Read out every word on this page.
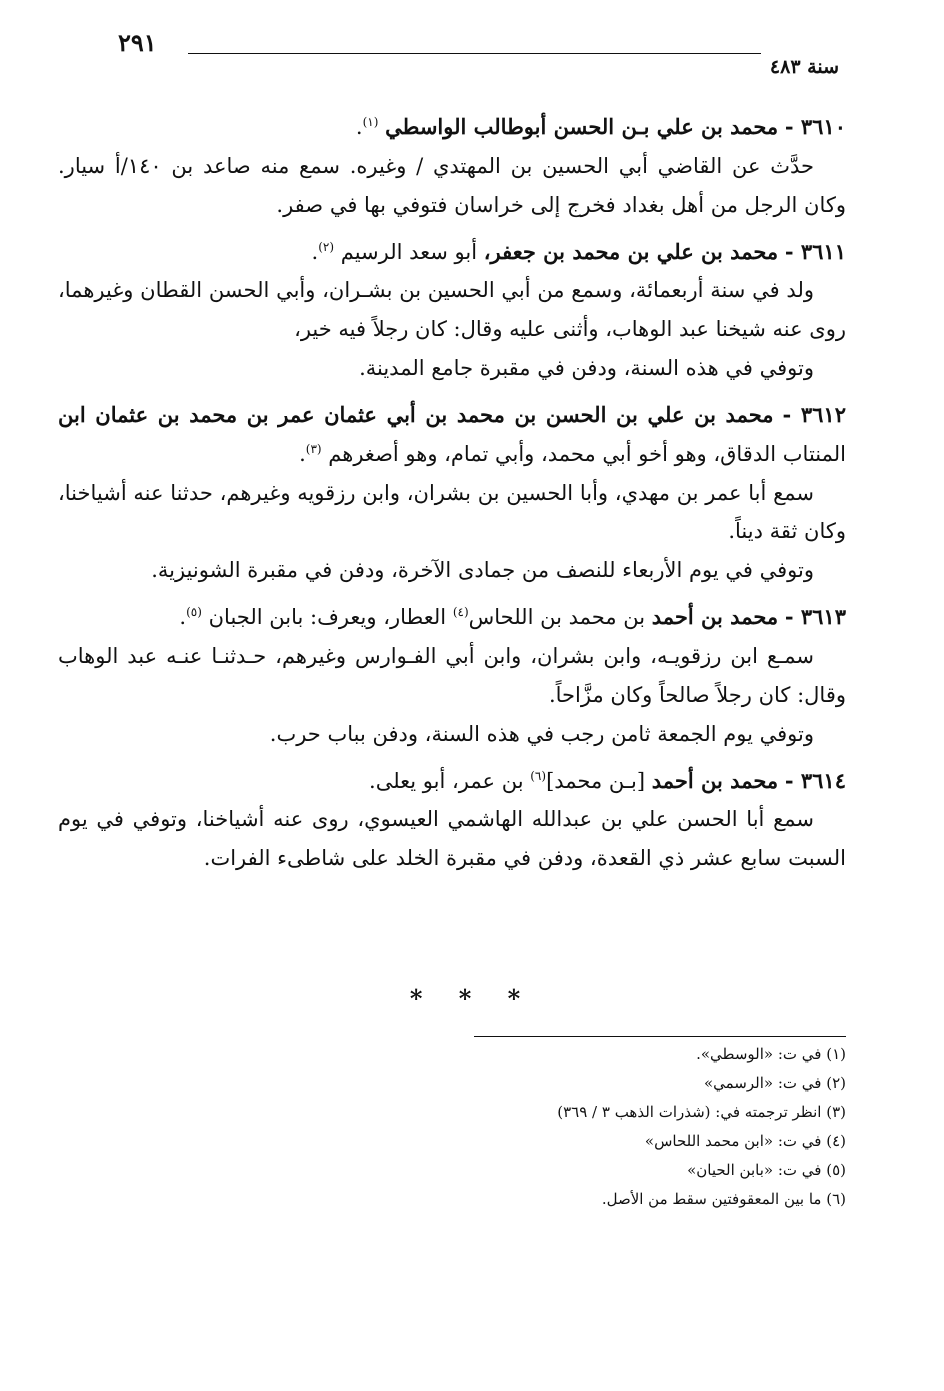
٢٩١
سنة ٤٨٣

٣٦١٠ - محمد بن علي بـن الحسن أبوطالب الواسطي $^{(١)}$.

حدَّث عن القاضي أبي الحسين بن المهتدي / وغيره. سمع منه صاعد بن ١٤٠/أ سيار. وكان الرجل من أهل بغداد فخرج إلى خراسان فتوفي بها في صفر.

٣٦١١ - محمد بن علي بن محمد بن جعفر، أبو سعد الرسيم $^{(٢)}$.

ولد في سنة أربعمائة، وسمع من أبي الحسين بن بشـران، وأبي الحسن القطان وغيرهما، روى عنه شيخنا عبد الوهاب، وأثنى عليه وقال: كان رجلاً فيه خير،

وتوفي في هذه السنة، ودفن في مقبرة جامع المدينة.

٣٦١٢ - محمد بن علي بن الحسن بن محمد بن أبي عثمان عمر بن محمد بن عثمان ابن المنتاب الدقاق، وهو أخو أبي محمد، وأبي تمام، وهو أصغرهم $^{(٣)}$.

سمع أبا عمر بن مهدي، وأبا الحسين بن بشران، وابن رزقويه وغيرهم، حدثنا عنه أشياخنا، وكان ثقة ديناً.

وتوفي في يوم الأربعاء للنصف من جمادى الآخرة، ودفن في مقبرة الشونيزية.

٣٦١٣ - محمد بن أحمد بن محمد بن اللحاس$^{(٤)}$ العطار، ويعرف: بابن الجبان $^{(٥)}$.

سمـع ابن رزقويـه، وابن بشران، وابن أبي الفـوارس وغيرهم، حـدثنـا عنـه عبد الوهاب وقال: كان رجلاً صالحاً وكان مزَّاحاً.

وتوفي يوم الجمعة ثامن رجب في هذه السنة، ودفن بباب حرب.

٣٦١٤ - محمد بن أحمد [بـن محمد]$^{(٦)}$ بن عمر، أبو يعلى.

سمع أبا الحسن علي بن عبدالله الهاشمي العيسوي، روى عنه أشياخنا، وتوفي في يوم السبت سابع عشر ذي القعدة، ودفن في مقبرة الخلد على شاطىء الفرات.

* * *
(١) في ت: «الوسطي».
(٢) في ت: «الرسمي»
(٣) انظر ترجمته في: (شذرات الذهب ٣ / ٣٦٩)
(٤) في ت: «ابن محمد اللحاس»
(٥) في ت: «بابن الحيان»
(٦) ما بين المعقوفتين سقط من الأصل.
